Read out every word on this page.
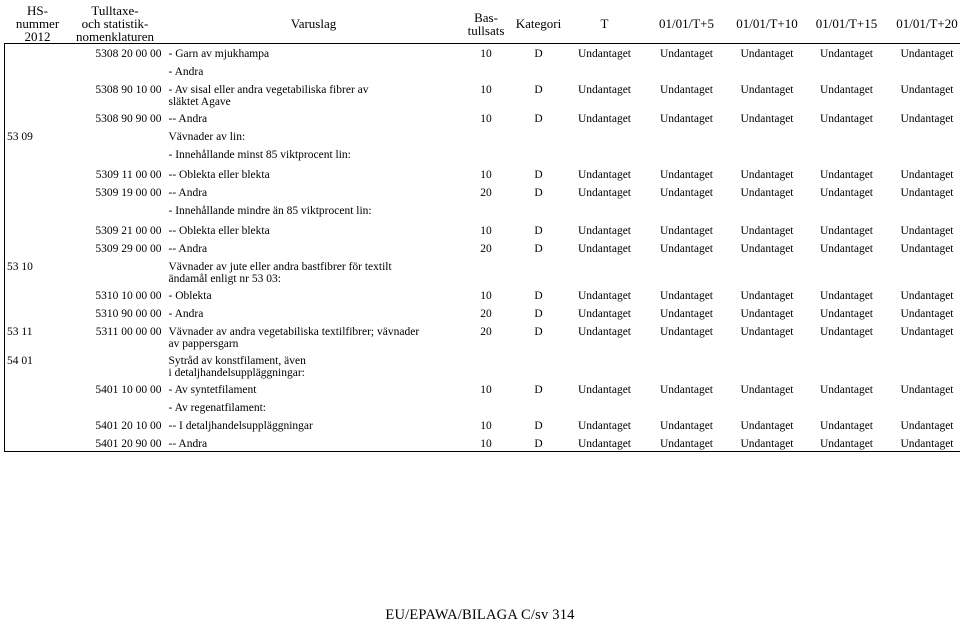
HS-
nummer
2012	Tulltaxe-
och statistik-
nomenklaturen	Varuslag	Bas-
tullsats	Kategori	T	01/01/T+5	01/01/T+10	01/01/T+15	01/01/T+20
	5308 20 00 00	- Garn av mjukhampa	10	D	Undantaget	Undantaget	Undantaget	Undantaget	Undantaget

		- Andra							

	5308 90 10 00	- Av sisal eller andra vegetabiliska fibrer av
släktet Agave	10	D	Undantaget	Undantaget	Undantaget	Undantaget	Undantaget
	5308 90 90 00	-- Andra	10	D	Undantaget	Undantaget	Undantaget	Undantaget	Undantaget
53 09		Vävnader av lin:							

		- Innehållande minst 85 viktprocent lin:							

	5309 11 00 00	-- Oblekta eller blekta	10	D	Undantaget	Undantaget	Undantaget	Undantaget	Undantaget
	5309 19 00 00	-- Andra	20	D	Undantaget	Undantaget	Undantaget	Undantaget	Undantaget

		- Innehållande mindre än 85 viktprocent lin:							

	5309 21 00 00	-- Oblekta eller blekta	10	D	Undantaget	Undantaget	Undantaget	Undantaget	Undantaget
	5309 29 00 00	-- Andra	20	D	Undantaget	Undantaget	Undantaget	Undantaget	Undantaget
53 10		Vävnader av jute eller andra bastfibrer för textilt
ändamål enligt nr 53 03:							

	5310 10 00 00	- Oblekta	10	D	Undantaget	Undantaget	Undantaget	Undantaget	Undantaget
	5310 90 00 00	- Andra	20	D	Undantaget	Undantaget	Undantaget	Undantaget	Undantaget
53 11	5311 00 00 00	Vävnader av andra vegetabiliska textilfibrer; vävnader
av pappersgarn	20	D	Undantaget	Undantaget	Undantaget	Undantaget	Undantaget
54 01		Sytråd av konstfilament, även
i detaljhandelsuppläggningar:							

	5401 10 00 00	- Av syntetfilament	10	D	Undantaget	Undantaget	Undantaget	Undantaget	Undantaget

		- Av regenatfilament:							

	5401 20 10 00	-- I detaljhandelsuppläggningar	10	D	Undantaget	Undantaget	Undantaget	Undantaget	Undantaget
	5401 20 90 00	-- Andra	10	D	Undantaget	Undantaget	Undantaget	Undantaget	Undantaget
EU/EPAWA/BILAGA C/sv 314
